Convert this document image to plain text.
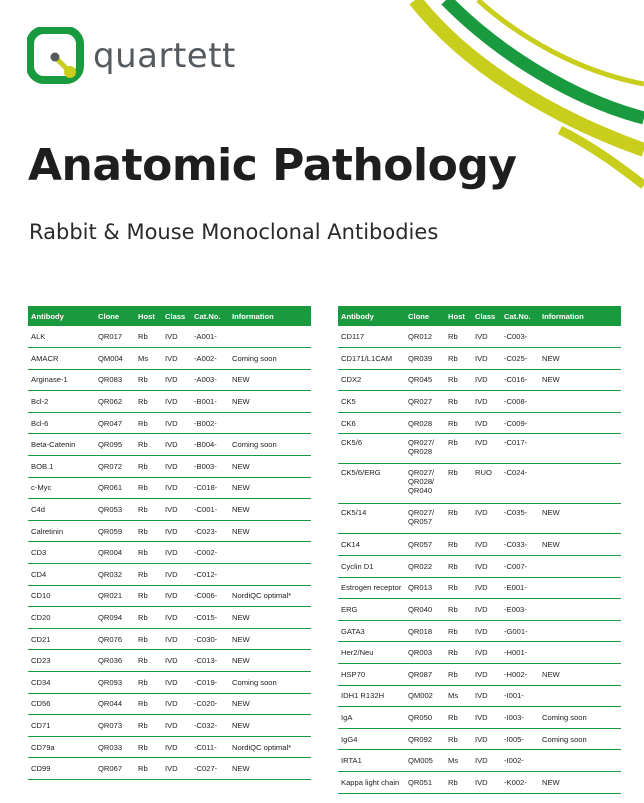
quartett
Anatomic Pathology
Rabbit & Mouse Monoclonal Antibodies
Antibody	Clone	Host	Class	Cat.No.	Information
ALK	QR017	Rb	IVD	-A001-	
AMACR	QM004	Ms	IVD	-A002-	Coming soon
Arginase-1	QR083	Rb	IVD	-A003-	NEW
Bcl-2	QR062	Rb	IVD	-B001-	NEW
Bcl-6	QR047	Rb	IVD	-B002-	
Beta-Catenin	QR095	Rb	IVD	-B004-	Coming soon
BOB.1	QR072	Rb	IVD	-B003-	NEW
c-Myc	QR061	Rb	IVD	-C018-	NEW
C4d	QR053	Rb	IVD	-C001-	NEW
Calretinin	QR059	Rb	IVD	-C023-	NEW
CD3	QR004	Rb	IVD	-C002-	
CD4	QR032	Rb	IVD	-C012-	
CD10	QR021	Rb	IVD	-C006-	NordiQC optimal*
CD20	QR094	Rb	IVD	-C015-	NEW
CD21	QR076	Rb	IVD	-C030-	NEW
CD23	QR036	Rb	IVD	-C013-	NEW
CD34	QR093	Rb	IVD	-C019-	Coming soon
CD56	QR044	Rb	IVD	-C020-	NEW
CD71	QR073	Rb	IVD	-C032-	NEW
CD79a	QR033	Rb	IVD	-C011-	NordiQC optimal*
CD99	QR067	Rb	IVD	-C027-	NEW
Antibody	Clone	Host	Class	Cat.No.	Information
CD117	QR012	Rb	IVD	-C003-	
CD171/L1CAM	QR039	Rb	IVD	-C025-	NEW
CDX2	QR045	Rb	IVD	-C016-	NEW
CK5	QR027	Rb	IVD	-C008-	
CK6	QR028	Rb	IVD	-C009-	
CK5/6	QR027/ QR028	Rb	IVD	-C017-	
CK5/6/ERG	QR027/ QR028/ QR040	Rb	RUO	-C024-	
CK5/14	QR027/ QR057	Rb	IVD	-C035-	NEW
CK14	QR057	Rb	IVD	-C033-	NEW
Cyclin D1	QR022	Rb	IVD	-C007-	
Estrogen receptor	QR013	Rb	IVD	-E001-	
ERG	QR040	Rb	IVD	-E003-	
GATA3	QR018	Rb	IVD	-G001-	
Her2/Neu	QR003	Rb	IVD	-H001-	
HSP70	QR087	Rb	IVD	-H002-	NEW
IDH1 R132H	QM002	Ms	IVD	-I001-	
IgA	QR050	Rb	IVD	-I003-	Coming soon
IgG4	QR092	Rb	IVD	-I005-	Coming soon
IRTA1	QM005	Ms	IVD	-I002-	
Kappa light chain	QR051	Rb	IVD	-K002-	NEW
